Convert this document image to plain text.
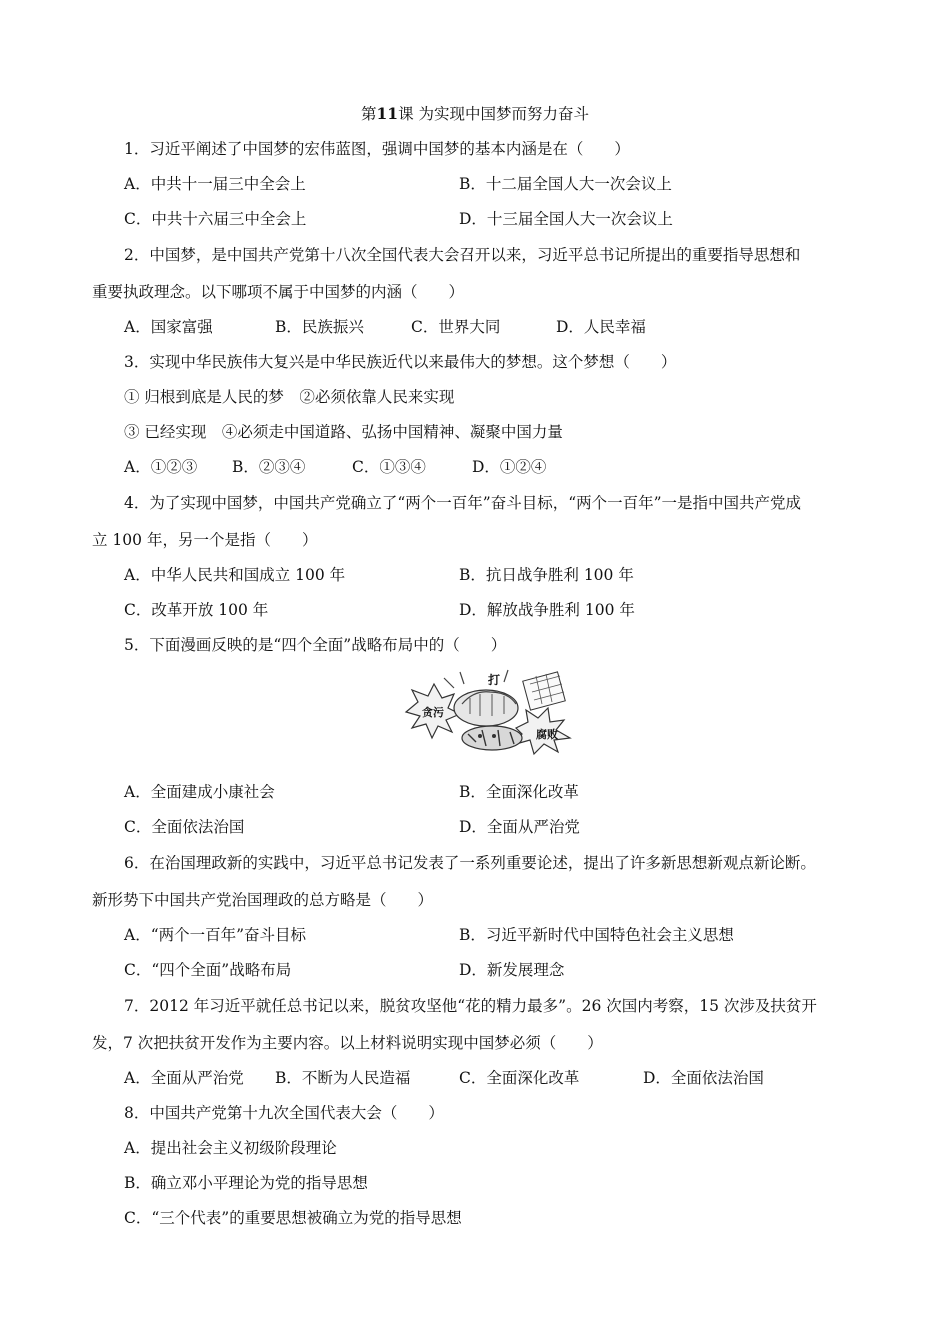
第11课 为实现中国梦而努力奋斗
1．习近平阐述了中国梦的宏伟蓝图，强调中国梦的基本内涵是在（　　）
A．中共十一届三中全会上	B．十二届全国人大一次会议上
C．中共十六届三中全会上	D．十三届全国人大一次会议上
2．中国梦，是中国共产党第十八次全国代表大会召开以来，习近平总书记所提出的重要指导思想和
重要执政理念。以下哪项不属于中国梦的内涵（　　）
A．国家富强	B．民族振兴	C．世界大同	D．人民幸福
3．实现中华民族伟大复兴是中华民族近代以来最伟大的梦想。这个梦想（　　）
① 归根到底是人民的梦　②必须依靠人民来实现
③ 已经实现　④必须走中国道路、弘扬中国精神、凝聚中国力量
A．①②③ B．②③④	C．①③④	D．①②④
4．为了实现中国梦，中国共产党确立了“两个一百年”奋斗目标，“两个一百年”一是指中国共产党成
立 100 年，另一个是指（　　）
A．中华人民共和国成立 100 年	B．抗日战争胜利 100 年
C．改革开放 100 年	D．解放战争胜利 100 年
5．下面漫画反映的是“四个全面”战略布局中的（　　）
打
贪污
腐败
A．全面建成小康社会	B．全面深化改革
C．全面依法治国	D．全面从严治党
6．在治国理政新的实践中，习近平总书记发表了一系列重要论述，提出了许多新思想新观点新论断。
新形势下中国共产党治国理政的总方略是（　　）
A．“两个一百年”奋斗目标	B．习近平新时代中国特色社会主义思想
C．“四个全面”战略布局	D．新发展理念
7．2012 年习近平就任总书记以来，脱贫攻坚他“花的精力最多”。26 次国内考察，15 次涉及扶贫开
发，7 次把扶贫开发作为主要内容。以上材料说明实现中国梦必须（　　）
A．全面从严治党 B．不断为人民造福	C．全面深化改革	D．全面依法治国
8．中国共产党第十九次全国代表大会（　　）
A．提出社会主义初级阶段理论
B．确立邓小平理论为党的指导思想
C．“三个代表”的重要思想被确立为党的指导思想
